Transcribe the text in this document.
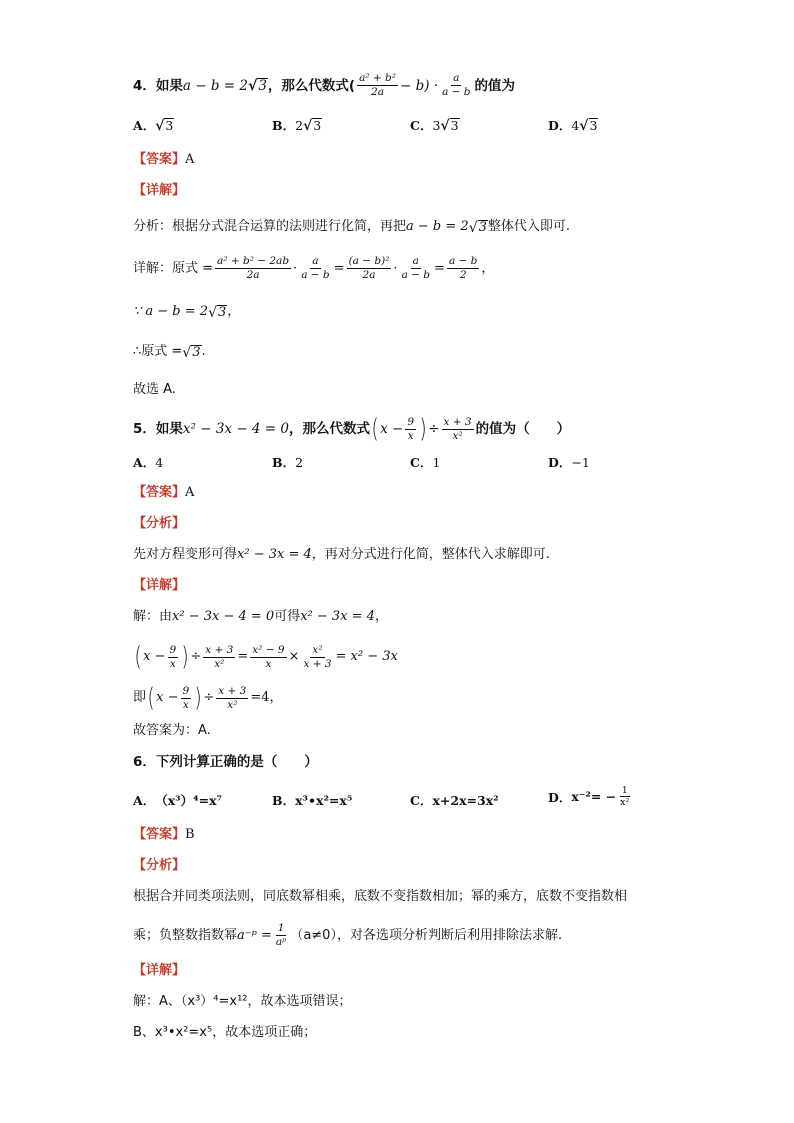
4． 如果 a − b = 2 √ 3 ，那么代数式( $\frac{\text{a² + b²}}{2a} - b) \cdot \frac{a}{a - b}$ 的值为
A． √ 3	B． 2 √ 3	C． 3 √ 3	D． 4 √ 3
【答案】 A
【详解】
分析：根据分式混合运算的法则进行化简，再把 a − b = 2 √ 3 整体代入即可.
详解：原式 = $\frac{\text{a² + b² − 2ab}}{2a} \cdot \frac{a}{a - b} = \frac{\text{(a − b)²}}{2a} \cdot \frac{a}{a - b} = \frac{a - b}{2}$ ，
∵ a − b = 2 √ 3 ，
∴原式 = √ 3 .
故选 A.
5． 如果 x² − 3x − 4 = 0 ，那么代数式 ( $x - \frac{9}{x}$ ) ÷ $\frac{x + 3}{\text{x²}}$ 的值为（　　）
A． 4	B． 2	C． 1	D． −1
【答案】 A
【分析】
先对方程变形可得 x² − 3x = 4 ，再对分式进行化简，整体代入求解即可.
【详解】
解：由 x² − 3x − 4 = 0 可得 x² − 3x = 4 ，
( $x - \frac{9}{x}$ ) ÷ $\frac{x + 3}{\text{x²}} = \frac{\text{x² − 9}}{x} \times \frac{\text{x²}}{x + 3} = x^2 - 3x$
即 ( $x - \frac{9}{x}$ ) ÷ $\frac{x + 3}{\text{x²}} =4$，
故答案为：A.
6． 下列计算正确的是（　　）
A． （x³）⁴=x⁷	B． x³•x²=x⁵	C． x+2x=3x²	D． $x^{-2}= - \frac{1}{\text{x²}}$
【答案】 B
【分析】
根据合并同类项法则，同底数幂相乘，底数不变指数相加；幂的乘方，底数不变指数相
乘；负整数指数幂 a⁻ᵖ = $\frac{1}{\text{aᵖ}} (a\ne 0)$，对各选项分析判断后利用排除法求解.
【详解】
解：A、（x³）⁴=x¹²，故本选项错误；
B、x³•x²=x⁵，故本选项正确；
